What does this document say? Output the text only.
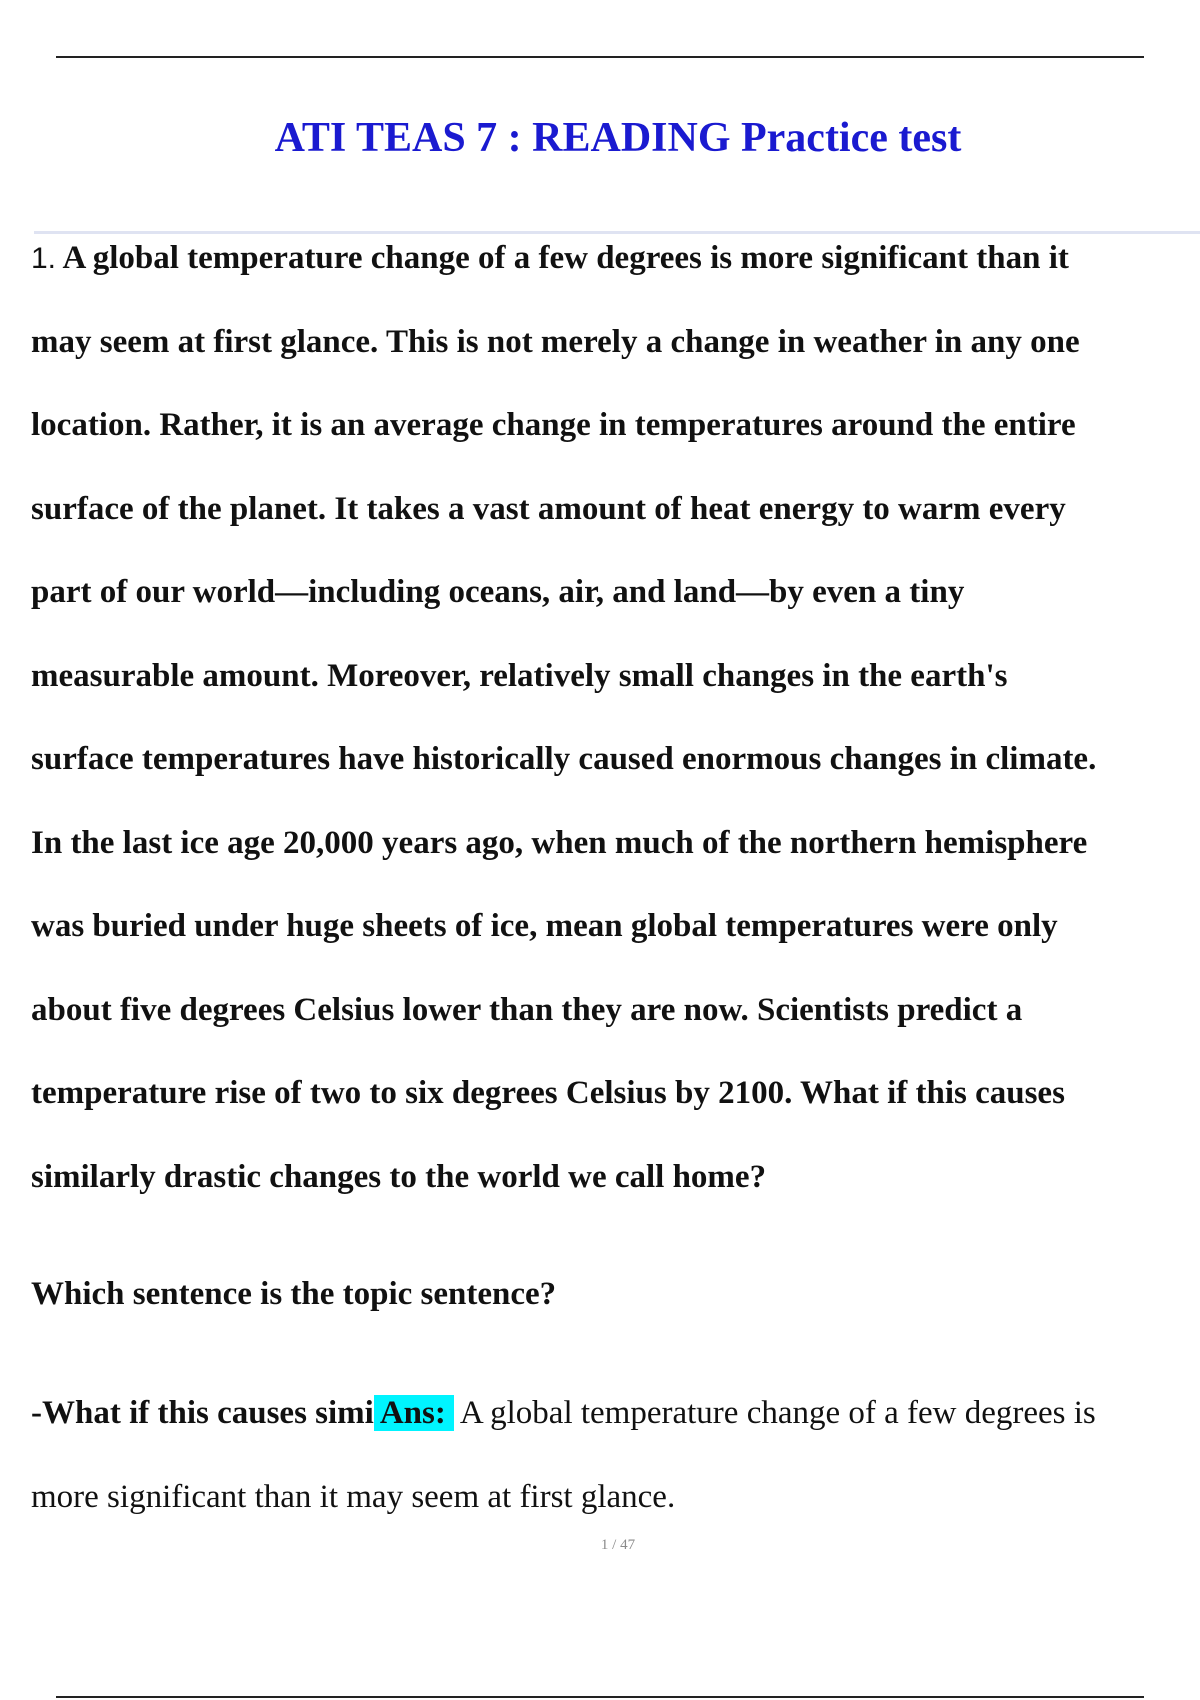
ATI TEAS 7 : READING Practice test
1. A global temperature change of a few degrees is more significant than it
may seem at first glance. This is not merely a change in weather in any one
location. Rather, it is an average change in temperatures around the entire
surface of the planet. It takes a vast amount of heat energy to warm every
part of our world—including oceans, air, and land—by even a tiny
measurable amount. Moreover, relatively small changes in the earth's
surface temperatures have historically caused enormous changes in climate.
In the last ice age 20,000 years ago, when much of the northern hemisphere
was buried under huge sheets of ice, mean global temperatures were only
about five degrees Celsius lower than they are now. Scientists predict a
temperature rise of two to six degrees Celsius by 2100. What if this causes
similarly drastic changes to the world we call home?
Which sentence is the topic sentence?
-What if this causes simi Ans: A global temperature change of a few degrees is
more significant than it may seem at first glance.
1 / 47
